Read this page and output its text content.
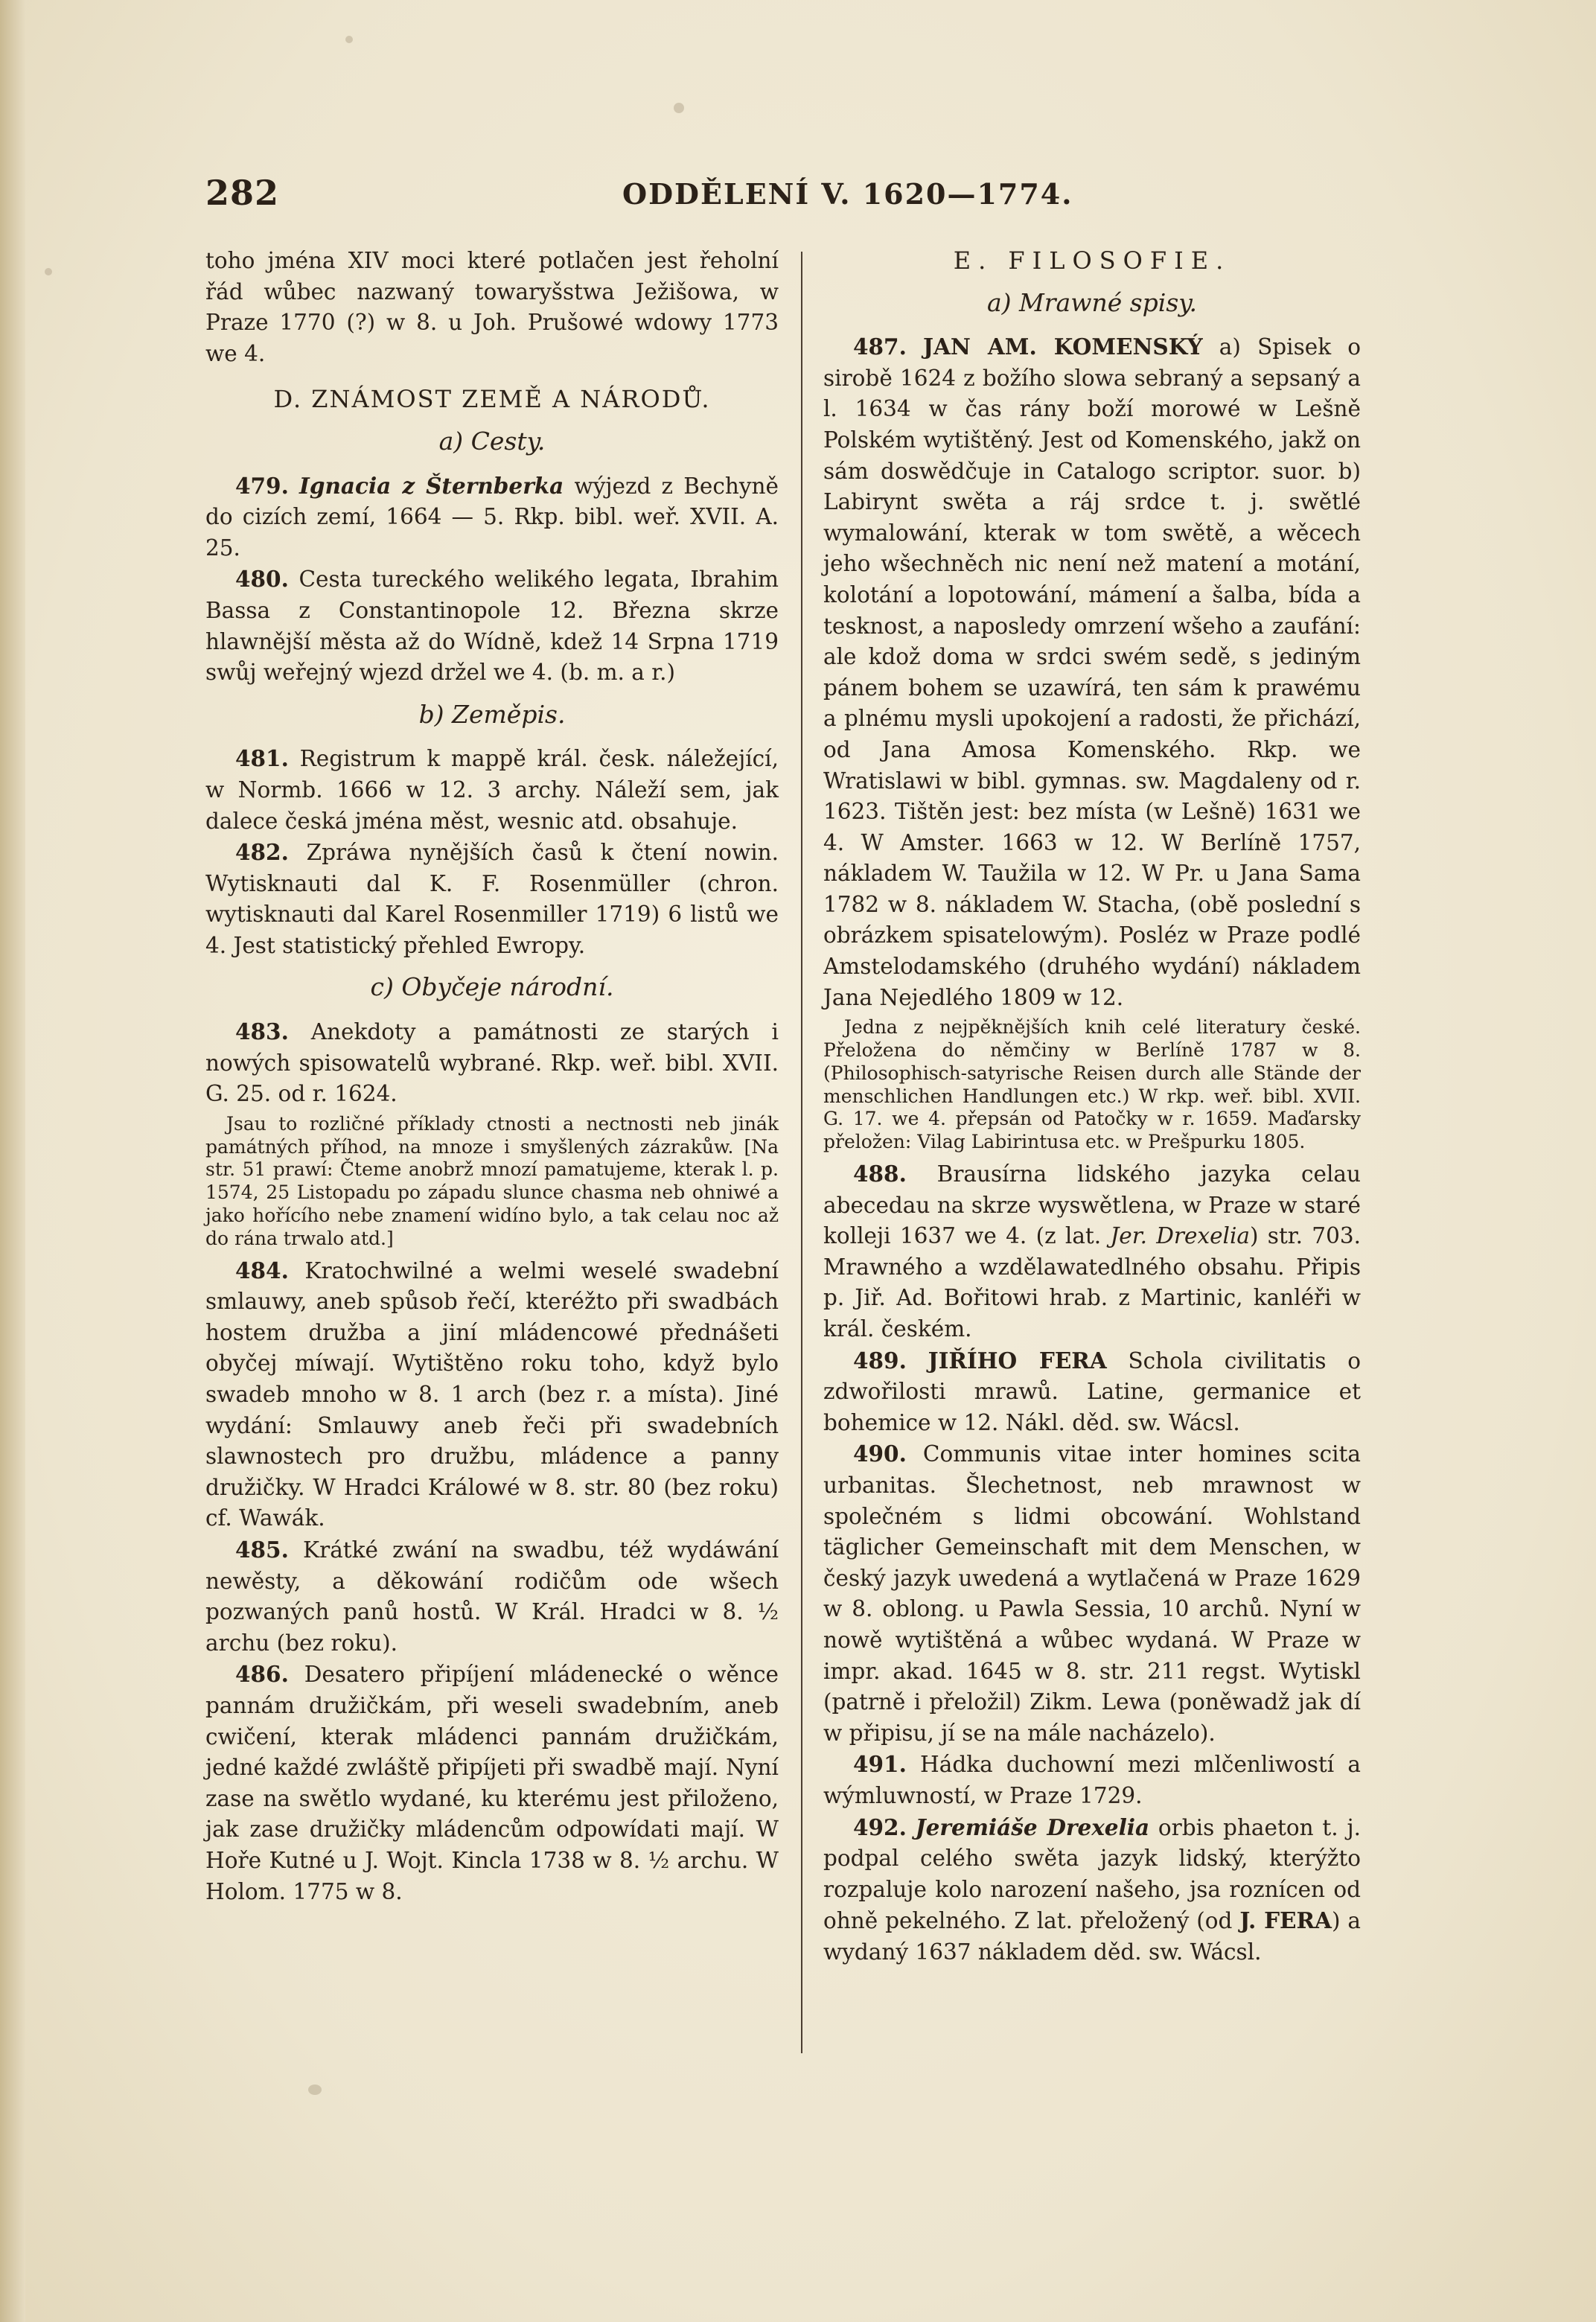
282	ODDĚLENÍ V. 1620—1774.

toho jména XIV moci které potlačen jest řeholní řád wůbec nazwaný towaryšstwa Ježišowa, w Praze 1770 (?) w 8. u Joh. Prušowé wdowy 1773 we 4.

D. ZNÁMOST ZEMĚ A NÁRODŮ.
a) Cesty.

479. Ignacia z Šternberka wýjezd z Bechyně do cizích zemí, 1664 — 5. Rkp. bibl. weř. XVII. A. 25.

480. Cesta tureckého welikého legata, Ibrahim Bassa z Constantinopole 12. Března skrze hlawnější města až do Wídně, kdež 14 Srpna 1719 swůj weřejný wjezd držel we 4. (b. m. a r.)

b) Zeměpis.

481. Registrum k mappě král. česk. náležející, w Normb. 1666 w 12. 3 archy. Náleží sem, jak dalece česká jména měst, wesnic atd. obsahuje.

482. Zpráwa nynějších časů k čtení nowin. Wytisknauti dal K. F. Rosenmüller (chron. wytisknauti dal Karel Rosenmiller 1719) 6 listů we 4. Jest statistický přehled Ewropy.

c) Obyčeje národní.

483. Anekdoty a památnosti ze starých i nowých spisowatelů wybrané. Rkp. weř. bibl. XVII. G. 25. od r. 1624.

Jsau to rozličné příklady ctnosti a nectnosti neb jinák památných příhod, na mnoze i smyšlených zázrakůw. [Na str. 51 prawí: Čteme anobrž mnozí pamatujeme, kterak l. p. 1574, 25 Listopadu po západu slunce chasma neb ohniwé a jako hořícího nebe znamení widíno bylo, a tak celau noc až do rána trwalo atd.]

484. Kratochwilné a welmi weselé swadební smlauwy, aneb spůsob řečí, kteréžto při swadbách hostem družba a jiní mládencowé přednášeti obyčej míwají. Wytištěno roku toho, když bylo swadeb mnoho w 8. 1 arch (bez r. a místa). Jiné wydání: Smlauwy aneb řeči při swadebních slawnostech pro družbu, mládence a panny družičky. W Hradci Králowé w 8. str. 80 (bez roku) cf. Wawák.

485. Krátké zwání na swadbu, též wydáwání newěsty, a děkowání rodičům ode wšech pozwaných panů hostů. W Král. Hradci w 8. ½ archu (bez roku).

486. Desatero připíjení mládenecké o wěnce pannám družičkám, při weseli swadebním, aneb cwičení, kterak mládenci pannám družičkám, jedné každé zwláště připíjeti při swadbě mají. Nyní zase na swětlo wydané, ku kterému jest přiloženo, jak zase družičky mládencům odpowídati mají. W Hoře Kutné u J. Wojt. Kincla 1738 w 8. ½ archu. W Holom. 1775 w 8.

E. FILOSOFIE.
a) Mrawné spisy.

487. JAN AM. KOMENSKÝ a) Spisek o sirobě 1624 z božího slowa sebraný a sepsaný a l. 1634 w čas rány boží morowé w Lešně Polském wytištěný. Jest od Komenského, jakž on sám doswědčuje in Catalogo scriptor. suor. b) Labirynt swěta a ráj srdce t. j. swětlé wymalowání, kterak w tom swětě, a wěcech jeho wšechněch nic není než matení a motání, kolotání a lopotowání, mámení a šalba, bída a tesknost, a naposledy omrzení wšeho a zaufání: ale kdož doma w srdci swém sedě, s jediným pánem bohem se uzawírá, ten sám k prawému a plnému mysli upokojení a radosti, že přichází, od Jana Amosa Komenského. Rkp. we Wratislawi w bibl. gymnas. sw. Magdaleny od r. 1623. Tištěn jest: bez místa (w Lešně) 1631 we 4. W Amster. 1663 w 12. W Berlíně 1757, nákladem W. Taužila w 12. W Pr. u Jana Sama 1782 w 8. nákladem W. Stacha, (obě poslední s obrázkem spisatelowým). Posléz w Praze podlé Amstelodamského (druhého wydání) nákladem Jana Nejedlého 1809 w 12.

Jedna z nejpěknějších knih celé literatury české. Přeložena do němčiny w Berlíně 1787 w 8. (Philosophisch-satyrische Reisen durch alle Stände der menschlichen Handlungen etc.) W rkp. weř. bibl. XVII. G. 17. we 4. přepsán od Patočky w r. 1659. Maďarsky přeložen: Vilag Labirintusa etc. w Prešpurku 1805.

488. Brausírna lidského jazyka celau abecedau na skrze wyswětlena, w Praze w staré kolleji 1637 we 4. (z lat. Jer. Drexelia) str. 703. Mrawného a wzdělawatedlného obsahu. Připis p. Jiř. Ad. Bořitowi hrab. z Martinic, kanléři w král. českém.

489. JIŘÍHO FERA Schola civilitatis o zdwořilosti mrawů. Latine, germanice et bohemice w 12. Nákl. děd. sw. Wácsl.

490. Communis vitae inter homines scita urbanitas. Šlechetnost, neb mrawnost w společném s lidmi obcowání. Wohlstand täglicher Gemeinschaft mit dem Menschen, w český jazyk uwedená a wytlačená w Praze 1629 w 8. oblong. u Pawla Sessia, 10 archů. Nyní w nowě wytištěná a wůbec wydaná. W Praze w impr. akad. 1645 w 8. str. 211 regst. Wytiskl (patrně i přeložil) Zikm. Lewa (poněwadž jak dí w připisu, jí se na mále nacházelo).

491. Hádka duchowní mezi mlčenliwostí a wýmluwností, w Praze 1729.

492. Jeremiáše Drexelia orbis phaeton t. j. podpal celého swěta jazyk lidský, kterýžto rozpaluje kolo narození našeho, jsa roznícen od ohně pekelného. Z lat. přeložený (od J. FERA) a wydaný 1637 nákladem děd. sw. Wácsl.
